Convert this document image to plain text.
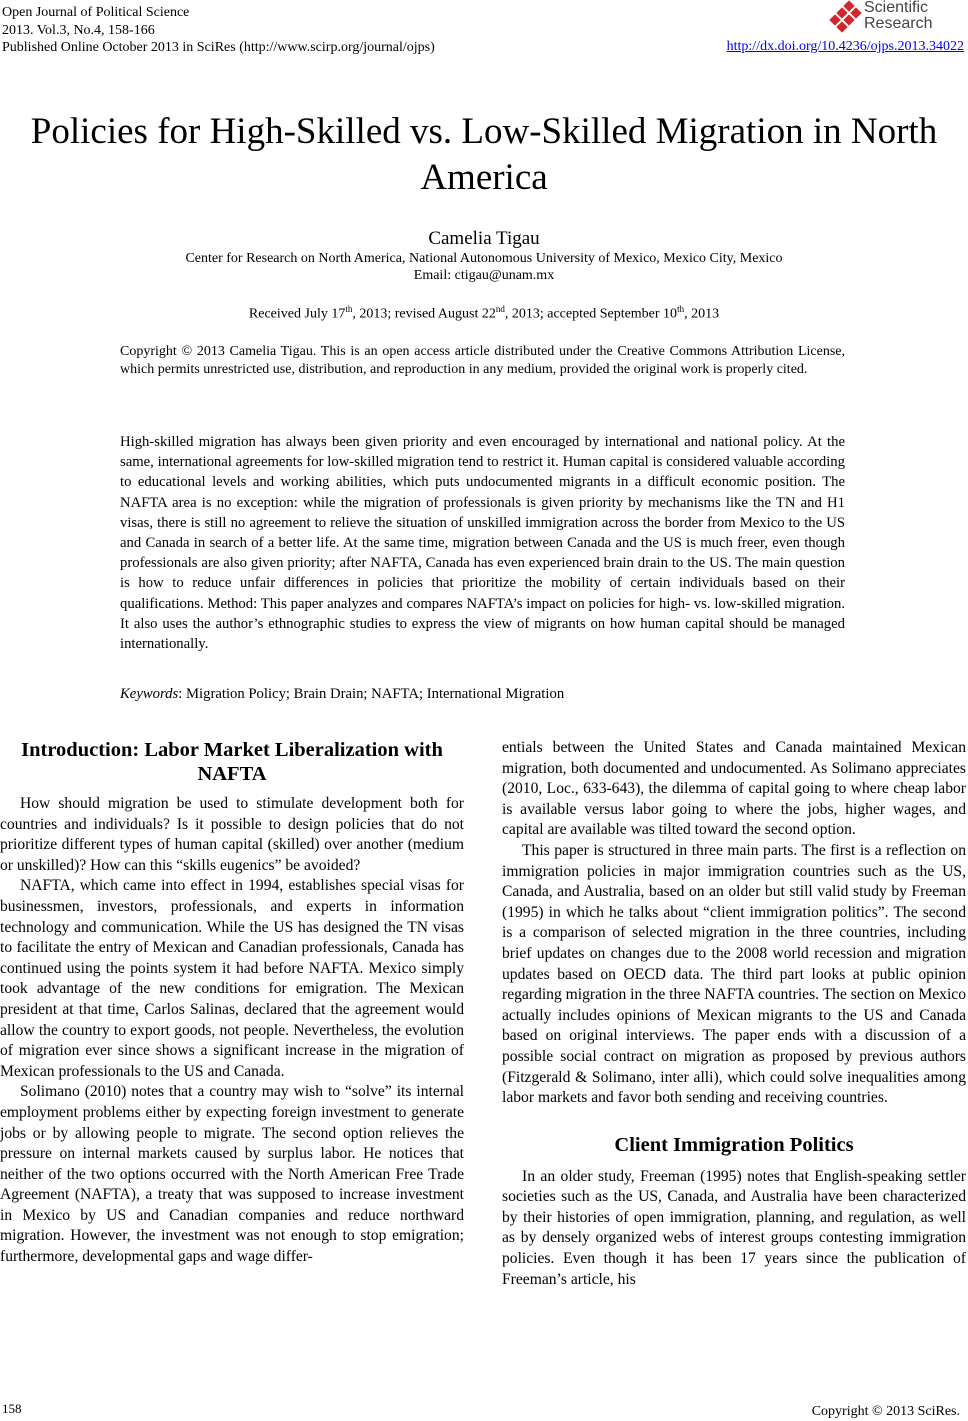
Open Journal of Political Science
2013. Vol.3, No.4, 158-166
Published Online October 2013 in SciRes (http://www.scirp.org/journal/ojps)
Scientific
Research
http://dx.doi.org/10.4236/ojps.2013.34022
Policies for High-Skilled vs. Low-Skilled Migration in North America
Camelia Tigau
Center for Research on North America, National Autonomous University of Mexico, Mexico City, Mexico
Email: ctigau@unam.mx
Received July 17th, 2013; revised August 22nd, 2013; accepted September 10th, 2013
Copyright © 2013 Camelia Tigau. This is an open access article distributed under the Creative Commons Attribution License, which permits unrestricted use, distribution, and reproduction in any medium, provided the original work is properly cited.
High-skilled migration has always been given priority and even encouraged by international and national policy. At the same, international agreements for low-skilled migration tend to restrict it. Human capital is considered valuable according to educational levels and working abilities, which puts undocumented migrants in a difficult economic position. The NAFTA area is no exception: while the migration of professionals is given priority by mechanisms like the TN and H1 visas, there is still no agreement to relieve the situation of unskilled immigration across the border from Mexico to the US and Canada in search of a better life. At the same time, migration between Canada and the US is much freer, even though professionals are also given priority; after NAFTA, Canada has even experienced brain drain to the US. The main question is how to reduce unfair differences in policies that prioritize the mobility of certain individuals based on their qualifications. Method: This paper analyzes and compares NAFTA’s impact on policies for high- vs. low-skilled migration. It also uses the author’s ethnographic studies to express the view of migrants on how human capital should be managed internationally.
Keywords: Migration Policy; Brain Drain; NAFTA; International Migration
Introduction: Labor Market Liberalization with NAFTA

How should migration be used to stimulate development both for countries and individuals? Is it possible to design policies that do not prioritize different types of human capital (skilled) over another (medium or unskilled)? How can this “skills eugenics” be avoided?

NAFTA, which came into effect in 1994, establishes special visas for businessmen, investors, professionals, and experts in information technology and communication. While the US has designed the TN visas to facilitate the entry of Mexican and Canadian professionals, Canada has continued using the points system it had before NAFTA. Mexico simply took advantage of the new conditions for emigration. The Mexican president at that time, Carlos Salinas, declared that the agreement would allow the country to export goods, not people. Nevertheless, the evolution of migration ever since shows a significant increase in the migration of Mexican professionals to the US and Canada.

Solimano (2010) notes that a country may wish to “solve” its internal employment problems either by expecting foreign investment to generate jobs or by allowing people to migrate. The second option relieves the pressure on internal markets caused by surplus labor. He notices that neither of the two options occurred with the North American Free Trade Agreement (NAFTA), a treaty that was supposed to increase investment in Mexico by US and Canadian companies and reduce northward migration. However, the investment was not enough to stop emigration; furthermore, developmental gaps and wage differ-

entials between the United States and Canada maintained Mexican migration, both documented and undocumented. As Solimano appreciates (2010, Loc., 633-643), the dilemma of capital going to where cheap labor is available versus labor going to where the jobs, higher wages, and capital are available was tilted toward the second option.

This paper is structured in three main parts. The first is a reflection on immigration policies in major immigration countries such as the US, Canada, and Australia, based on an older but still valid study by Freeman (1995) in which he talks about “client immigration politics”. The second is a comparison of selected migration in the three countries, including brief updates on changes due to the 2008 world recession and migration updates based on OECD data. The third part looks at public opinion regarding migration in the three NAFTA countries. The section on Mexico actually includes opinions of Mexican migrants to the US and Canada based on original interviews. The paper ends with a discussion of a possible social contract on migration as proposed by previous authors (Fitzgerald & Solimano, inter alli), which could solve inequalities among labor markets and favor both sending and receiving countries.

Client Immigration Politics

In an older study, Freeman (1995) notes that English-speaking settler societies such as the US, Canada, and Australia have been characterized by their histories of open immigration, planning, and regulation, as well as by densely organized webs of interest groups contesting immigration policies. Even though it has been 17 years since the publication of Freeman’s article, his

158	Copyright © 2013 SciRes.
